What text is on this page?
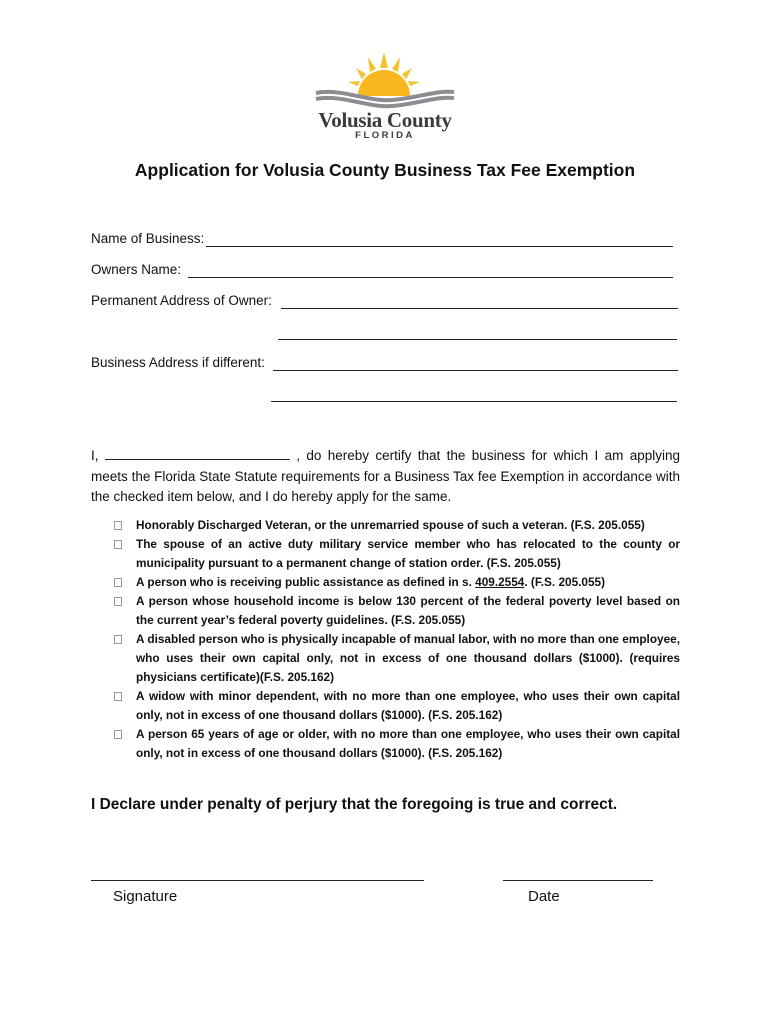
Volusia County
FLORIDA
Application for Volusia County Business Tax Fee Exemption
Name of Business:
Owners Name:
Permanent Address of Owner:
Business Address if different:
I,	, do hereby certify that the business for which I am applying meets the Florida State Statute requirements for a Business Tax fee Exemption in accordance with the checked item below, and I do hereby apply for the same.
Honorably Discharged Veteran, or the unremarried spouse of such a veteran. (F.S. 205.055)
The spouse of an active duty military service member who has relocated to the county or municipality pursuant to a permanent change of station order. (F.S. 205.055)
A person who is receiving public assistance as defined in s. 409.2554. (F.S. 205.055)
A person whose household income is below 130 percent of the federal poverty level based on the current year’s federal poverty guidelines. (F.S. 205.055)
A disabled person who is physically incapable of manual labor, with no more than one employee, who uses their own capital only, not in excess of one thousand dollars ($1000). (requires physicians certificate)(F.S. 205.162)
A widow with minor dependent, with no more than one employee, who uses their own capital only, not in excess of one thousand dollars ($1000). (F.S. 205.162)
A person 65 years of age or older, with no more than one employee, who uses their own capital only, not in excess of one thousand dollars ($1000). (F.S. 205.162)
I Declare under penalty of perjury that the foregoing is true and correct.
Signature	Date
